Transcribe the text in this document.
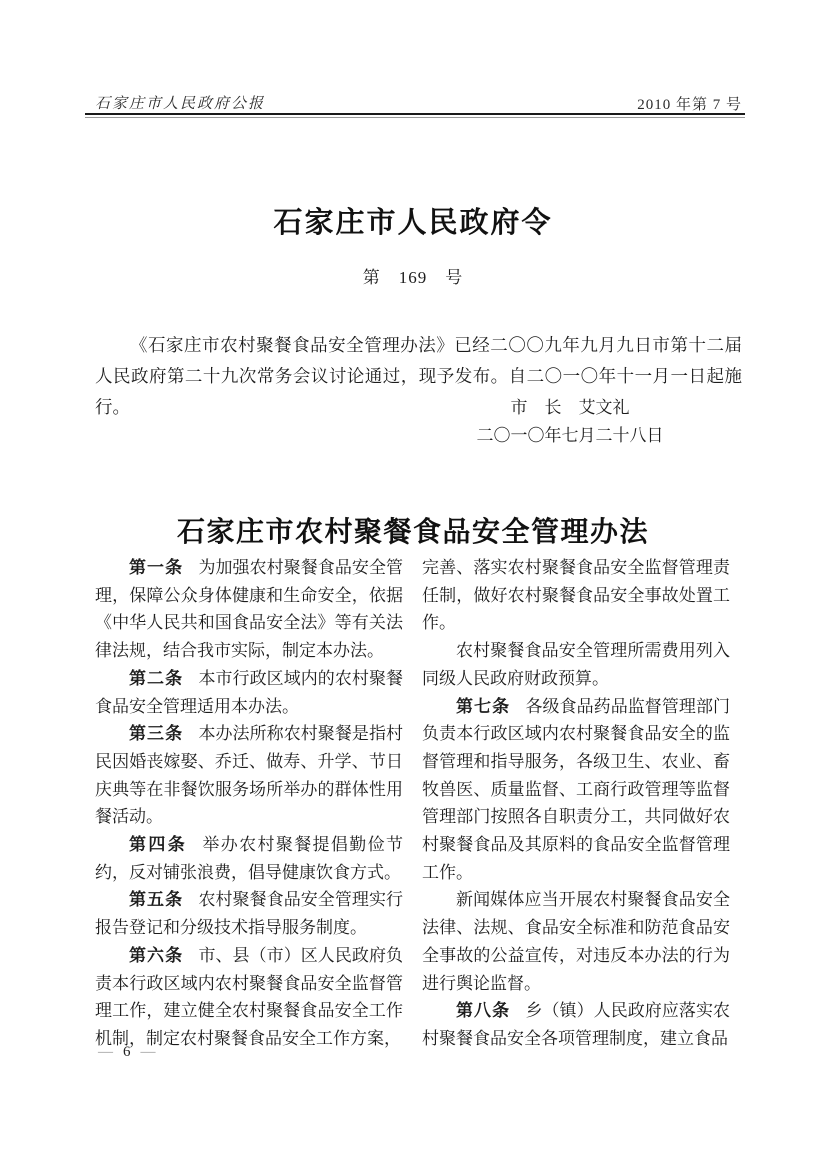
石家庄市人民政府公报	2010 年第 7 号
石家庄市人民政府令
第　169　号

《石家庄市农村聚餐食品安全管理办法》已经二〇〇九年九月九日市第十二届人民政府第二十九次常务会议讨论通过，现予发布。自二〇一〇年十一月一日起施行。	市　长　艾文礼
二〇一〇年七月二十八日
石家庄市农村聚餐食品安全管理办法

第一条 为加强农村聚餐食品安全管理，保障公众身体健康和生命安全，依据《中华人民共和国食品安全法》等有关法律法规，结合我市实际，制定本办法。

第二条 本市行政区域内的农村聚餐食品安全管理适用本办法。

第三条 本办法所称农村聚餐是指村民因婚丧嫁娶、乔迁、做寿、升学、节日庆典等在非餐饮服务场所举办的群体性用餐活动。

第四条 举办农村聚餐提倡勤俭节约，反对铺张浪费，倡导健康饮食方式。

第五条 农村聚餐食品安全管理实行报告登记和分级技术指导服务制度。

第六条 市、县（市）区人民政府负责本行政区域内农村聚餐食品安全监督管理工作，建立健全农村聚餐食品安全工作机制，制定农村聚餐食品安全工作方案，

完善、落实农村聚餐食品安全监督管理责任制，做好农村聚餐食品安全事故处置工作。

农村聚餐食品安全管理所需费用列入同级人民政府财政预算。

第七条 各级食品药品监督管理部门负责本行政区域内农村聚餐食品安全的监督管理和指导服务，各级卫生、农业、畜牧兽医、质量监督、工商行政管理等监督管理部门按照各自职责分工，共同做好农村聚餐食品及其原料的食品安全监督管理工作。

新闻媒体应当开展农村聚餐食品安全法律、法规、食品安全标准和防范食品安全事故的公益宣传，对违反本办法的行为进行舆论监督。

第八条 乡（镇）人民政府应落实农村聚餐食品安全各项管理制度，建立食品

— 6 —
